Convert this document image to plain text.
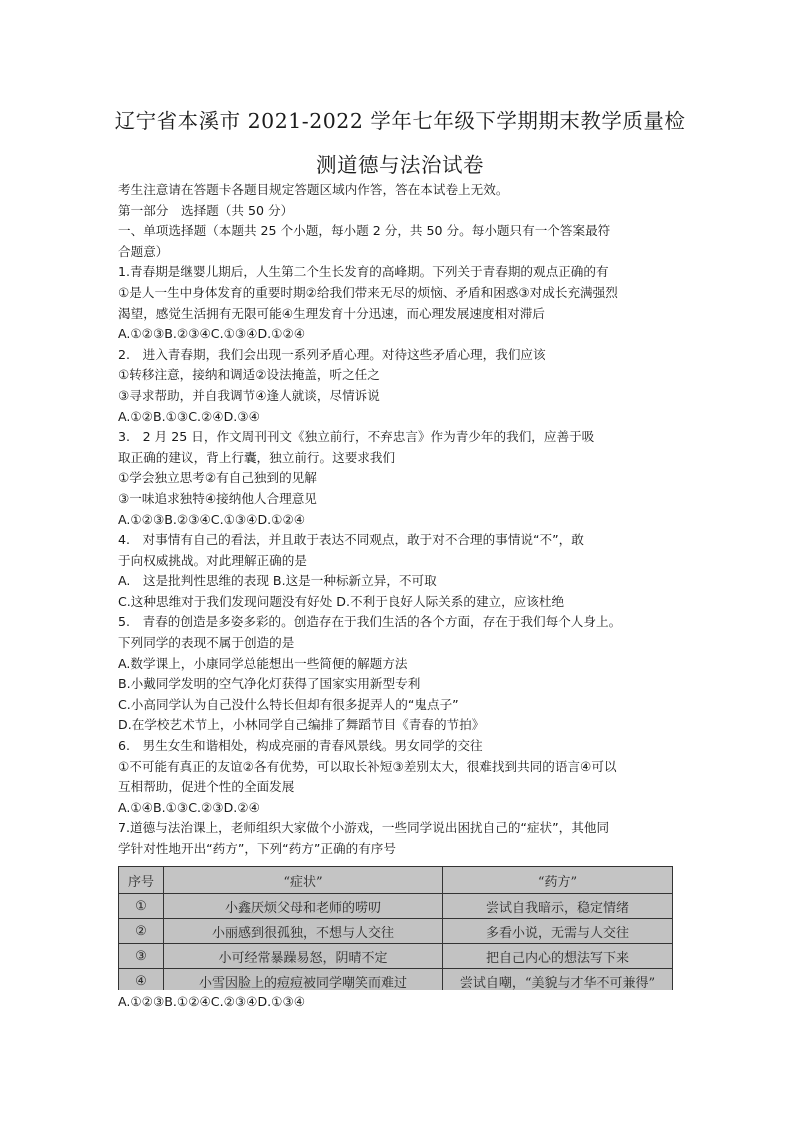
辽宁省本溪市 2021-2022 学年七年级下学期期末教学质量检
测道德与法治试卷
考生注意请在答题卡各题目规定答题区域内作答，答在本试卷上无效。
第一部分　选择题（共 50 分）
一、单项选择题（本题共 25 个小题，每小题 2 分，共 50 分。每小题只有一个答案最符
合题意）
1.青春期是继婴儿期后，人生第二个生长发育的高峰期。下列关于青春期的观点正确的有
①是人一生中身体发育的重要时期②给我们带来无尽的烦恼、矛盾和困惑③对成长充满强烈
渴望，感觉生活拥有无限可能④生理发育十分迅速，而心理发展速度相对滞后
A.①②③B.②③④C.①③④D.①②④
2.　进入青春期，我们会出现一系列矛盾心理。对待这些矛盾心理，我们应该
①转移注意，接纳和调适②设法掩盖，听之任之
③寻求帮助，并自我调节④逢人就谈，尽情诉说
A.①②B.①③C.②④D.③④
3.　2 月 25 日，作文周刊刊文《独立前行，不弃忠言》作为青少年的我们，应善于吸
取正确的建议，背上行囊，独立前行。这要求我们
①学会独立思考②有自己独到的见解
③一味追求独特④接纳他人合理意见
A.①②③B.②③④C.①③④D.①②④
4.　对事情有自己的看法，并且敢于表达不同观点，敢于对不合理的事情说“不”，敢
于向权威挑战。对此理解正确的是
A.　这是批判性思维的表现 B.这是一种标新立异，不可取
C.这种思维对于我们发现问题没有好处 D.不利于良好人际关系的建立，应该杜绝
5.　青春的创造是多姿多彩的。创造存在于我们生活的各个方面，存在于我们每个人身上。
下列同学的表现不属于创造的是
A.数学课上，小康同学总能想出一些简便的解题方法
B.小戴同学发明的空气净化灯获得了国家实用新型专利
C.小高同学认为自己没什么特长但却有很多捉弄人的“鬼点子”
D.在学校艺术节上，小林同学自己编排了舞蹈节目《青春的节拍》
6.　男生女生和谐相处，构成亮丽的青春风景线。男女同学的交往
①不可能有真正的友谊②各有优势，可以取长补短③差别太大，很难找到共同的语言④可以
互相帮助，促进个性的全面发展
A.①④B.①③C.②③D.②④
7.道德与法治课上，老师组织大家做个小游戏，一些同学说出困扰自己的“症状”，其他同
学针对性地开出“药方”，下列“药方”正确的有序号
序号	“症状”	“药方”
①	小鑫厌烦父母和老师的唠叨	尝试自我暗示，稳定情绪
②	小丽感到很孤独，不想与人交往	多看小说，无需与人交往
③	小可经常暴躁易怒，阴晴不定	把自己内心的想法写下来
④	小雪因脸上的痘痘被同学嘲笑而难过	尝试自嘲，“美貌与才华不可兼得”
A.①②③B.①②④C.②③④D.①③④
